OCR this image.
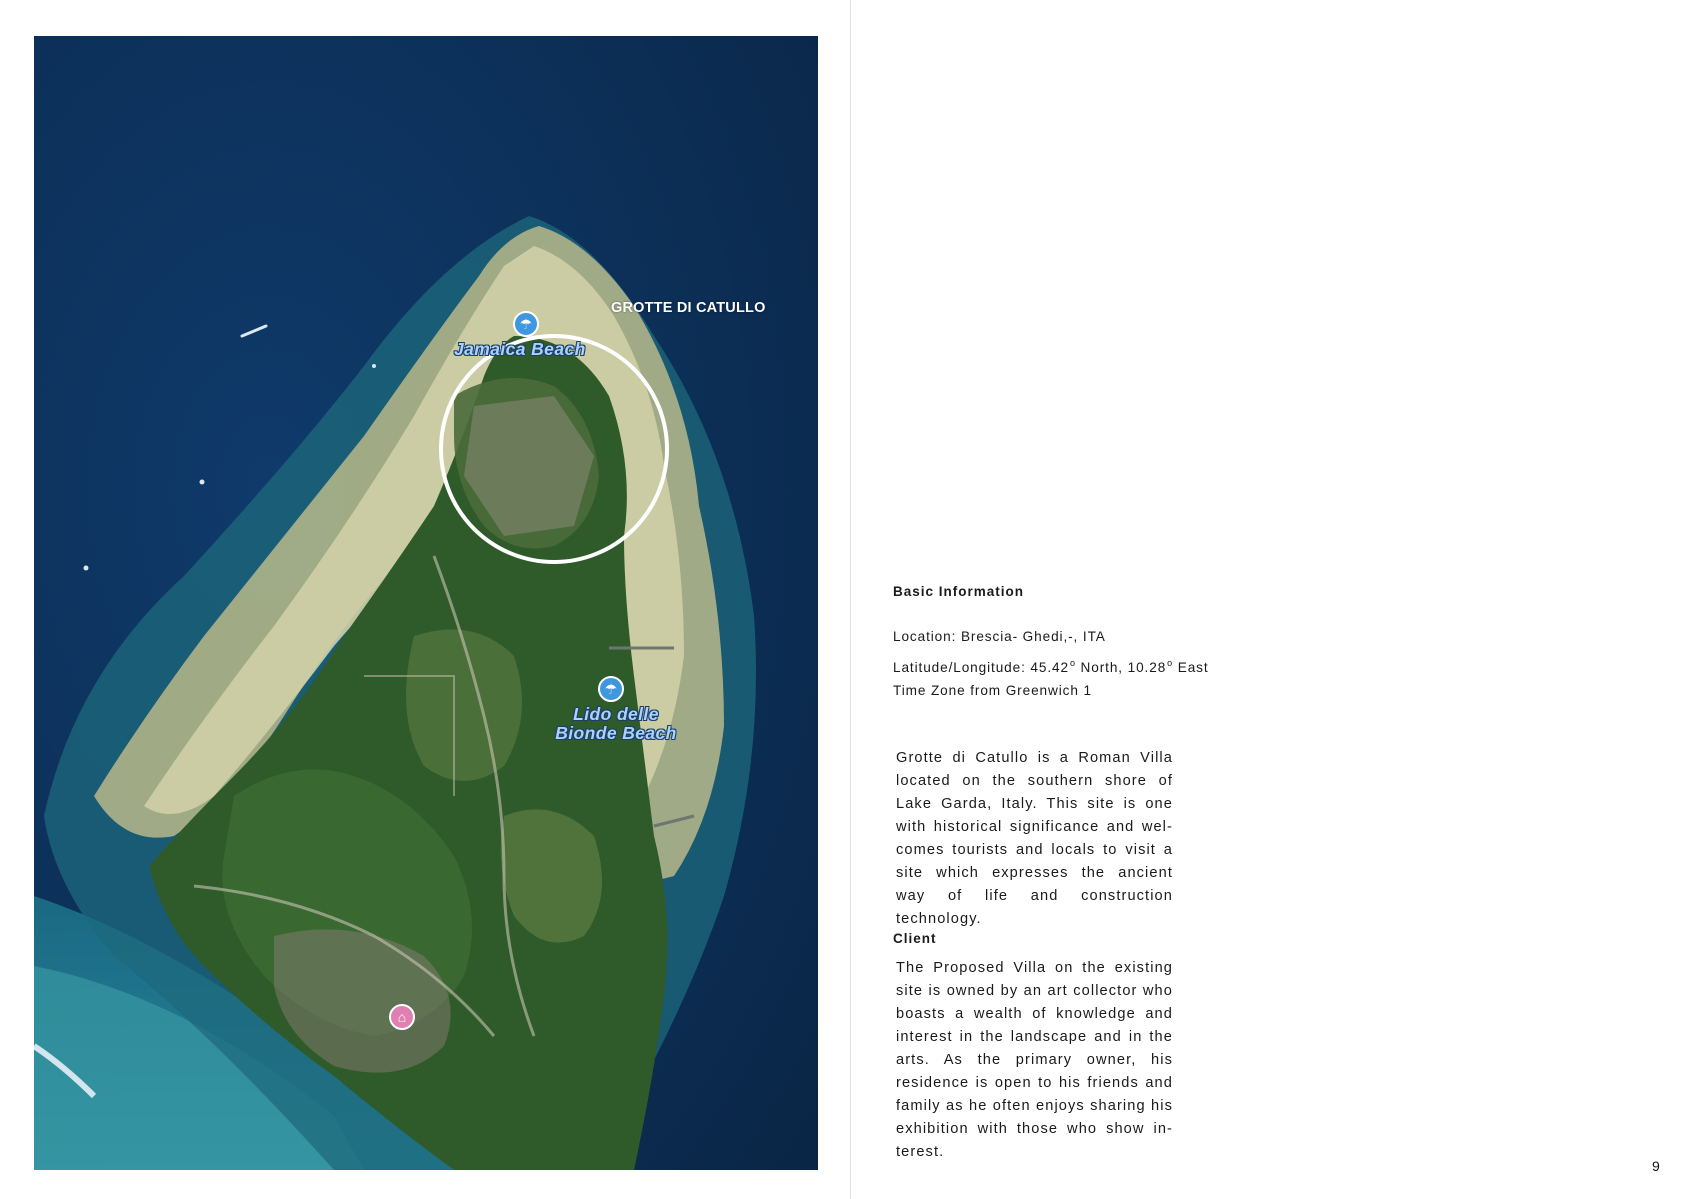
GROTTE DI CATULLO
☂
Jamaica Beach
☂
Lido delle
Bionde Beach
⌂
Basic Information
Location: Brescia- Ghedi,-, ITA
Latitude/Longitude: 45.42$^o$ North, 10.28$^o$ East
Time Zone from Greenwich 1

Grotte di Catullo is a Roman Villa located on the southern shore of Lake Garda, Italy. This site is one with historical significance and wel-comes tourists and locals to visit a site which expresses the ancient way of life and construction technology.

Client

The Proposed Villa on the existing site is owned by an art collector who boasts a wealth of knowledge and interest in the landscape and in the arts. As the primary owner, his residence is open to his friends and family as he often enjoys sharing his exhibition with those who show in-terest.

9
